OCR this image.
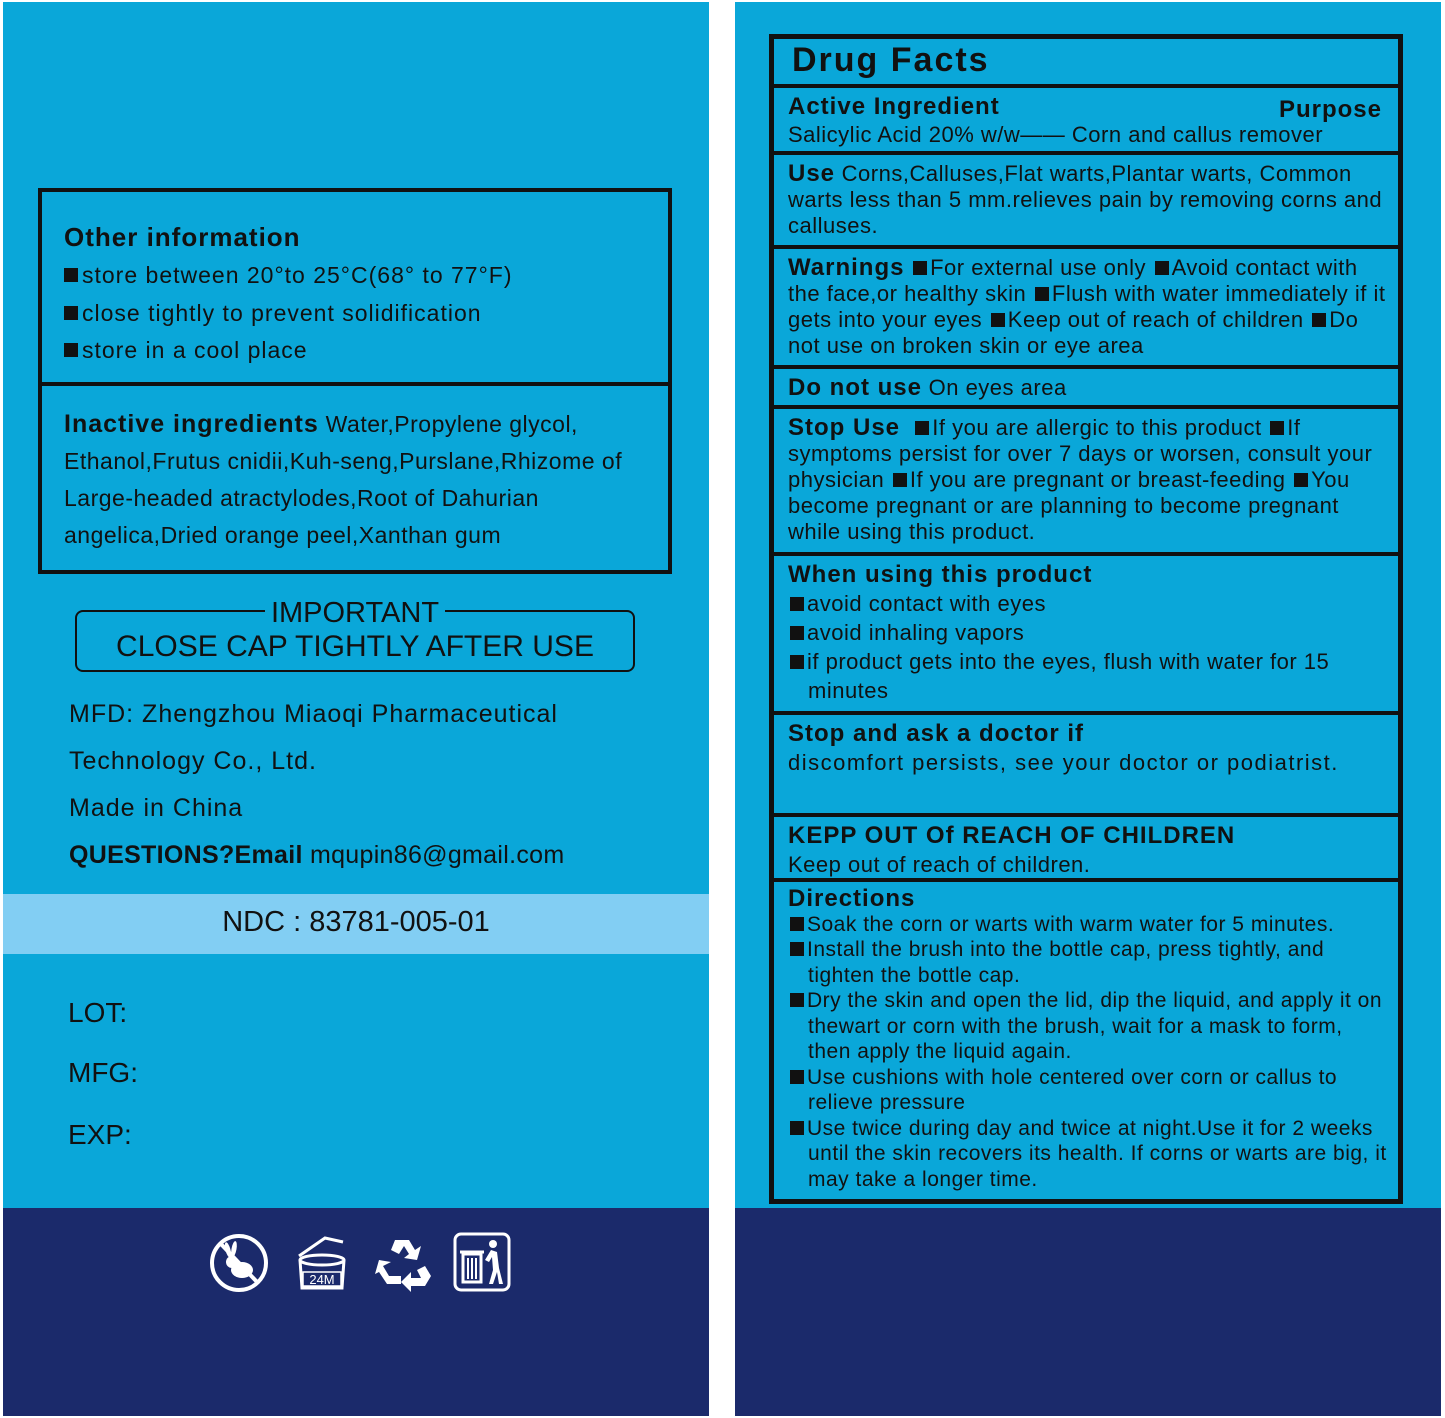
Other information
store between 20°to 25°C(68° to 77°F)
close tightly to prevent solidification
store in a cool place
Inactive ingredients Water,Propylene glycol, Ethanol,Frutus cnidii,Kuh-seng,Purslane,Rhizome of Large-headed atractylodes,Root of Dahurian angelica,Dried orange peel,Xanthan gum
IMPORTANT
CLOSE CAP TIGHTLY AFTER USE
MFD: Zhengzhou Miaoqi Pharmaceutical
Technology Co., Ltd.
Made in China
QUESTIONS?Email mqupin86@gmail.com
NDC : 83781-005-01
LOT:
MFG:
EXP:
24M
Drug Facts
Active Ingredient	Purpose
Salicylic Acid 20% w/w—— Corn and callus remover
Use Corns,Calluses,Flat warts,Plantar warts, Common warts less than 5 mm.relieves pain by removing corns and calluses.
Warnings For external use only Avoid contact with the face,or healthy skin Flush with water immediately if it gets into your eyes Keep out of reach of children Do not use on broken skin or eye area
Do not use On eyes area
Stop Use If you are allergic to this product If symptoms persist for over 7 days or worsen, consult your physician If you are pregnant or breast-feeding You become pregnant or are planning to become pregnant while using this product.
When using this product
avoid contact with eyes
avoid inhaling vapors
if product gets into the eyes, flush with water for 15 minutes
Stop and ask a doctor if
discomfort persists, see your doctor or podiatrist.
KEPP OUT Of REACH OF CHILDREN
Keep out of reach of children.
Directions
Soak the corn or warts with warm water for 5 minutes.
Install the brush into the bottle cap, press tightly, and tighten the bottle cap.
Dry the skin and open the lid, dip the liquid, and apply it on thewart or corn with the brush, wait for a mask to form, then apply the liquid again.
Use cushions with hole centered over corn or callus to relieve pressure
Use twice during day and twice at night.Use it for 2 weeks until the skin recovers its health. If corns or warts are big, it may take a longer time.
